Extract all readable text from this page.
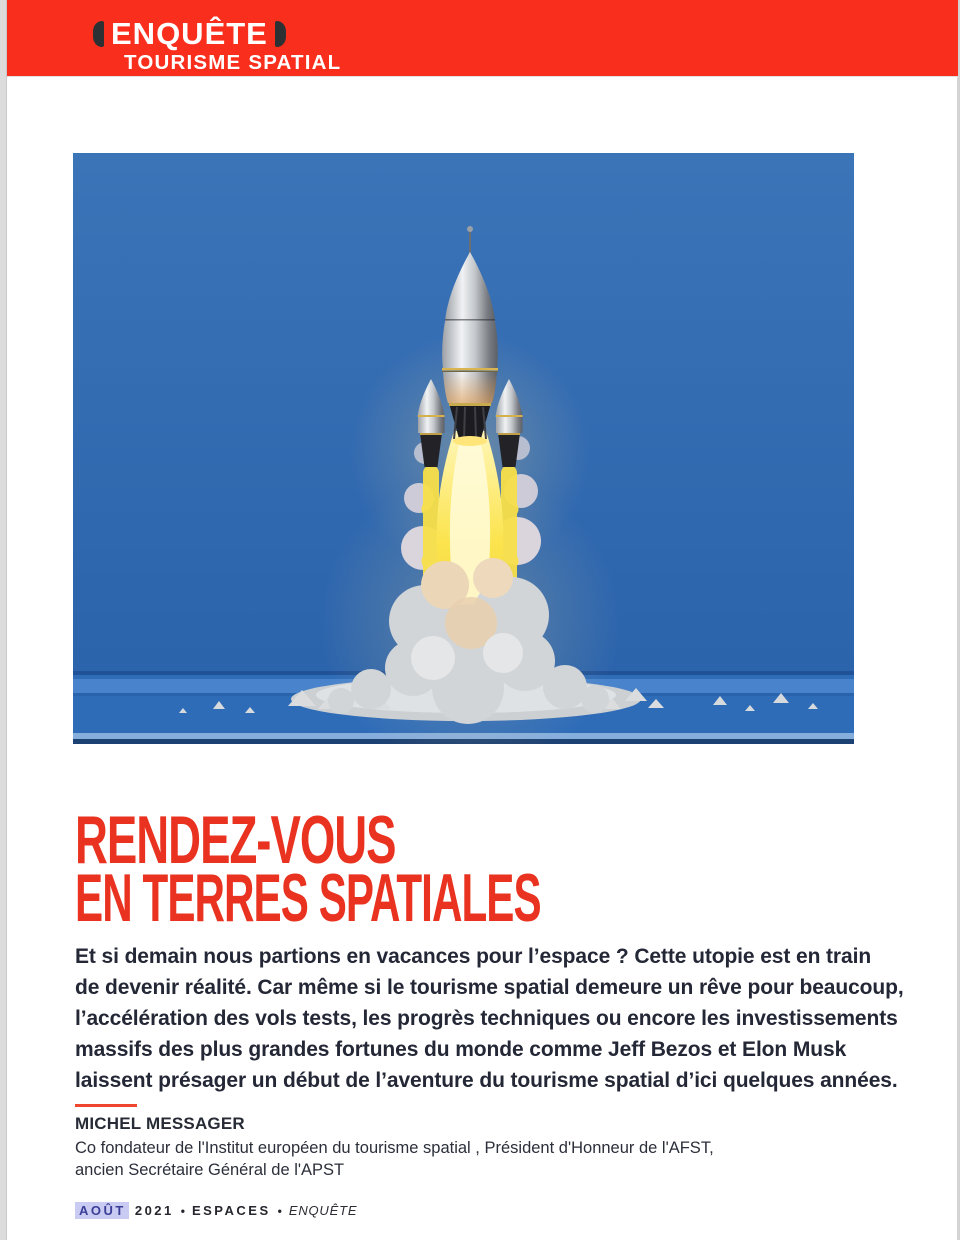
ENQUÊTE
TOURISME SPATIAL
RENDEZ-VOUS
EN TERRES SPATIALES
Et si demain nous partions en vacances pour l’espace ? Cette utopie est en train
de devenir réalité. Car même si le tourisme spatial demeure un rêve pour beaucoup,
l’accélération des vols tests, les progrès techniques ou encore les investissements
massifs des plus grandes fortunes du monde comme Jeff Bezos et Elon Musk
laissent présager un début de l’aventure du tourisme spatial d’ici quelques années.
MICHEL MESSAGER
Co fondateur de l'Institut européen du tourisme spatial , Président d'Honneur de l'AFST,
ancien Secrétaire Général de l'APST
AOÛT 2021 • ESPACES • ENQUÊTE
